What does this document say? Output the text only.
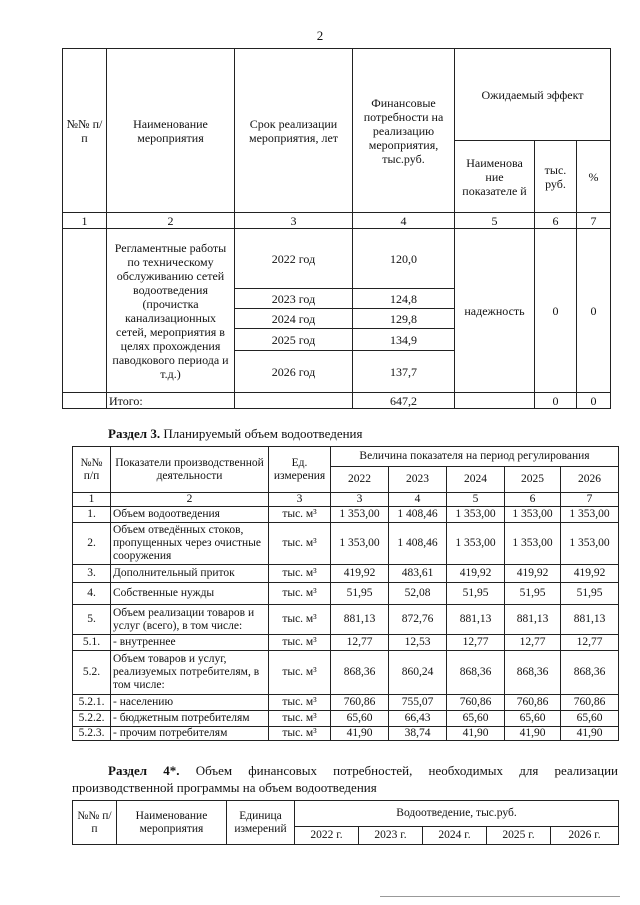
2
№№ п/п	Наименование мероприятия	Срок реализации мероприятия, лет	Финансовые потребности на реализацию мероприятия, тыс.руб.	Ожидаемый эффект		
				Наименова ние показателе й	тыс. руб.	%
1	2	3	4	5	6	7
	Регламентные работы по техническому обслуживанию сетей водоотведения (прочистка канализационных сетей, мероприятия в целях прохождения паводкового периода и т.д.)	2022 год	120,0	надежность	0	0
		2023 год	124,8			
		2024 год	129,8			
		2025 год	134,9			
		2026 год	137,7			
	Итого:		647,2		0	0
Раздел 3. Планируемый объем водоотведения
№№ п/п	Показатели производственной деятельности	Ед. измерения	Величина показателя на период регулирования				
			2022	2023	2024	2025	2026
1	2	3	3	4	5	6	7
1.	Объем водоотведения	тыс. м³	1 353,00	1 408,46	1 353,00	1 353,00	1 353,00
2.	Объем отведённых стоков, пропущенных через очистные сооружения	тыс. м³	1 353,00	1 408,46	1 353,00	1 353,00	1 353,00
3.	Дополнительный приток	тыс. м³	419,92	483,61	419,92	419,92	419,92
4.	Собственные нужды	тыс. м³	51,95	52,08	51,95	51,95	51,95
5.	Объем реализации товаров и услуг (всего), в том числе:	тыс. м³	881,13	872,76	881,13	881,13	881,13
5.1.	- внутреннее	тыс. м³	12,77	12,53	12,77	12,77	12,77
5.2.	Объем товаров и услуг, реализуемых потребителям, в том числе:	тыс. м³	868,36	860,24	868,36	868,36	868,36
5.2.1.	- населению	тыс. м³	760,86	755,07	760,86	760,86	760,86
5.2.2.	- бюджетным потребителям	тыс. м³	65,60	66,43	65,60	65,60	65,60
5.2.3.	- прочим потребителям	тыс. м³	41,90	38,74	41,90	41,90	41,90
Раздел 4*. Объем финансовых потребностей, необходимых для реализации производственной программы на объем водоотведения
№№ п/п	Наименование мероприятия	Единица измерений	Водоотведение, тыс.руб.				
			2022 г.	2023 г.	2024 г.	2025 г.	2026 г.
